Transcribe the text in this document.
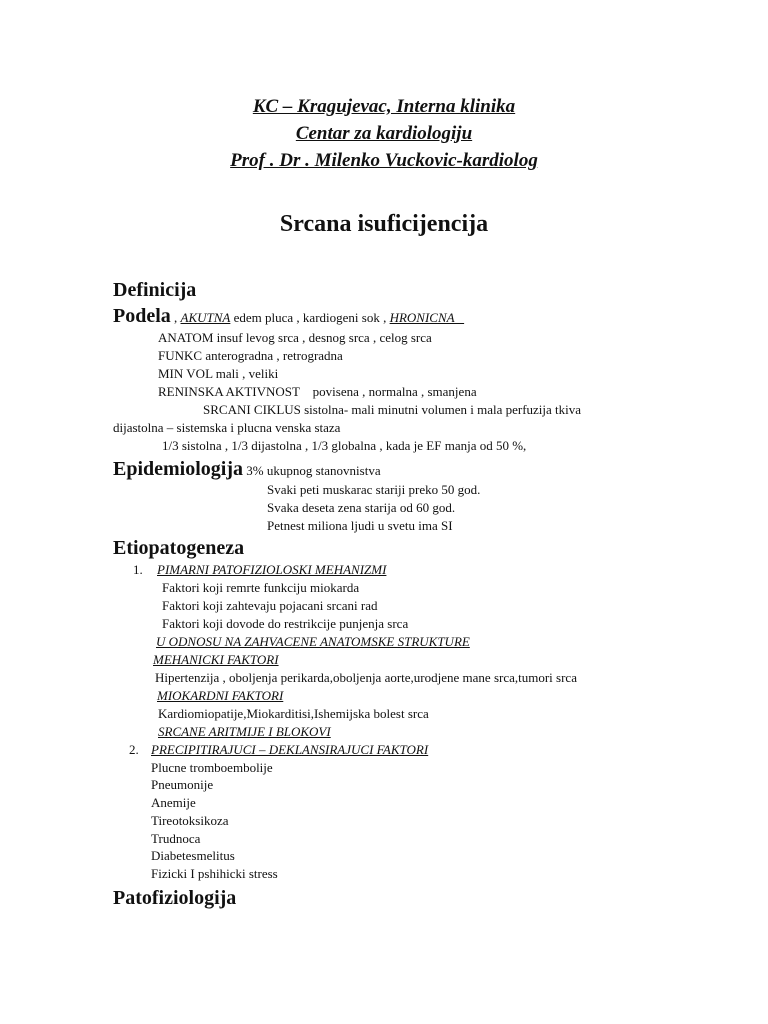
KC – Kragujevac, Interna klinika
Centar za kardiologiju
Prof . Dr . Milenko Vuckovic-kardiolog
Srcana isuficijencija
Definicija
Podela , AKUTNA edem pluca , kardiogeni sok , HRONICNA
ANATOM insuf levog srca , desnog srca , celog srca
FUNKC anterogradna , retrogradna
MIN VOL mali , veliki
RENINSKA AKTIVNOST    povisena , normalna , smanjena
SRCANI CIKLUS sistolna- mali minutni volumen i mala perfuzija tkiva
dijastolna – sistemska i plucna venska staza
1/3 sistolna , 1/3 dijastolna , 1/3 globalna , kada je EF manja od 50 %,
Epidemiologija 3% ukupnog stanovnistva
Svaki peti muskarac stariji preko 50 god.
Svaka deseta zena starija od 60 god.
Petnest miliona ljudi u svetu ima SI
Etiopatogeneza
1. PIMARNI PATOFIZIOLOSKI MEHANIZMI
Faktori koji remrte funkciju miokarda
Faktori koji zahtevaju pojacani srcani rad
Faktori koji dovode do restrikcije punjenja srca
U ODNOSU NA ZAHVACENE ANATOMSKE STRUKTURE
MEHANICKI FAKTORI
Hipertenzija , oboljenja perikarda,oboljenja aorte,urodjene mane srca,tumori srca
MIOKARDNI FAKTORI
Kardiomiopatije,Miokarditisi,Ishemijska bolest srca
SRCANE ARITMIJE I BLOKOVI
2. PRECIPITIRAJUCI – DEKLANSIRAJUCI FAKTORI
Plucne tromboembolije
Pneumonije
Anemije
Tireotoksikoza
Trudnoca
Diabetesmelitus
Fizicki I pshihicki stress
Patofiziologija
